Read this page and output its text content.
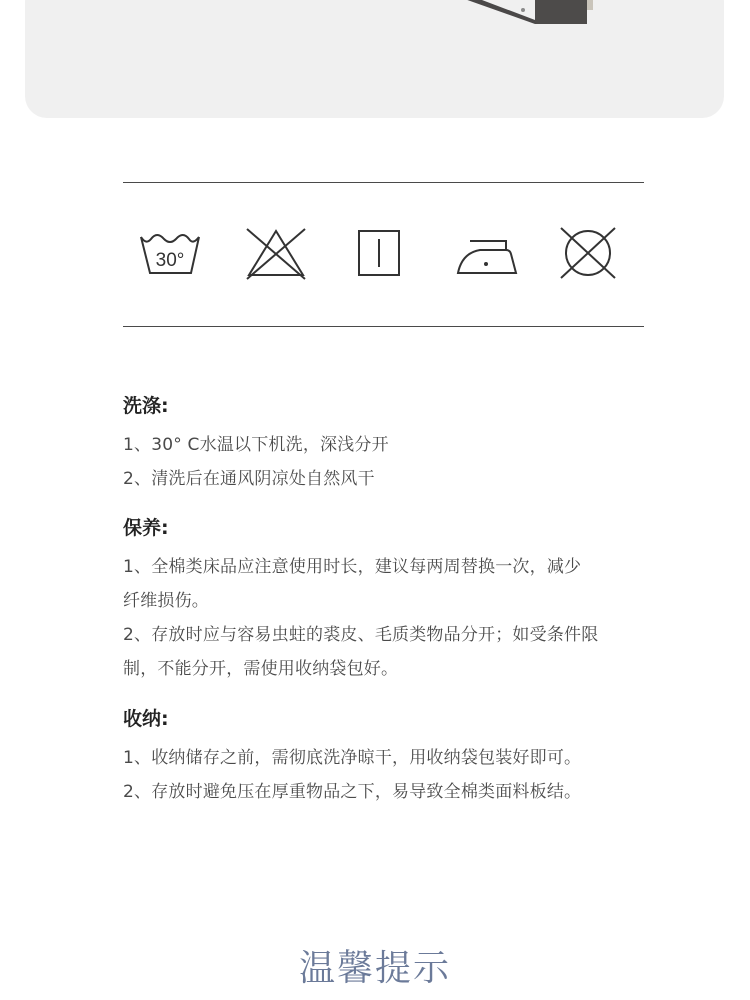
30°

洗涤:

1、30° C水温以下机洗，深浅分开

2、清洗后在通风阴凉处自然风干

保养:

1、全棉类床品应注意使用时长，建议每两周替换一次，减少

纤维损伤。

2、存放时应与容易虫蛀的裘皮、毛质类物品分开；如受条件限

制，不能分开，需使用收纳袋包好。

收纳:

1、收纳储存之前，需彻底洗净晾干，用收纳袋包装好即可。

2、存放时避免压在厚重物品之下，易导致全棉类面料板结。

温馨提示
